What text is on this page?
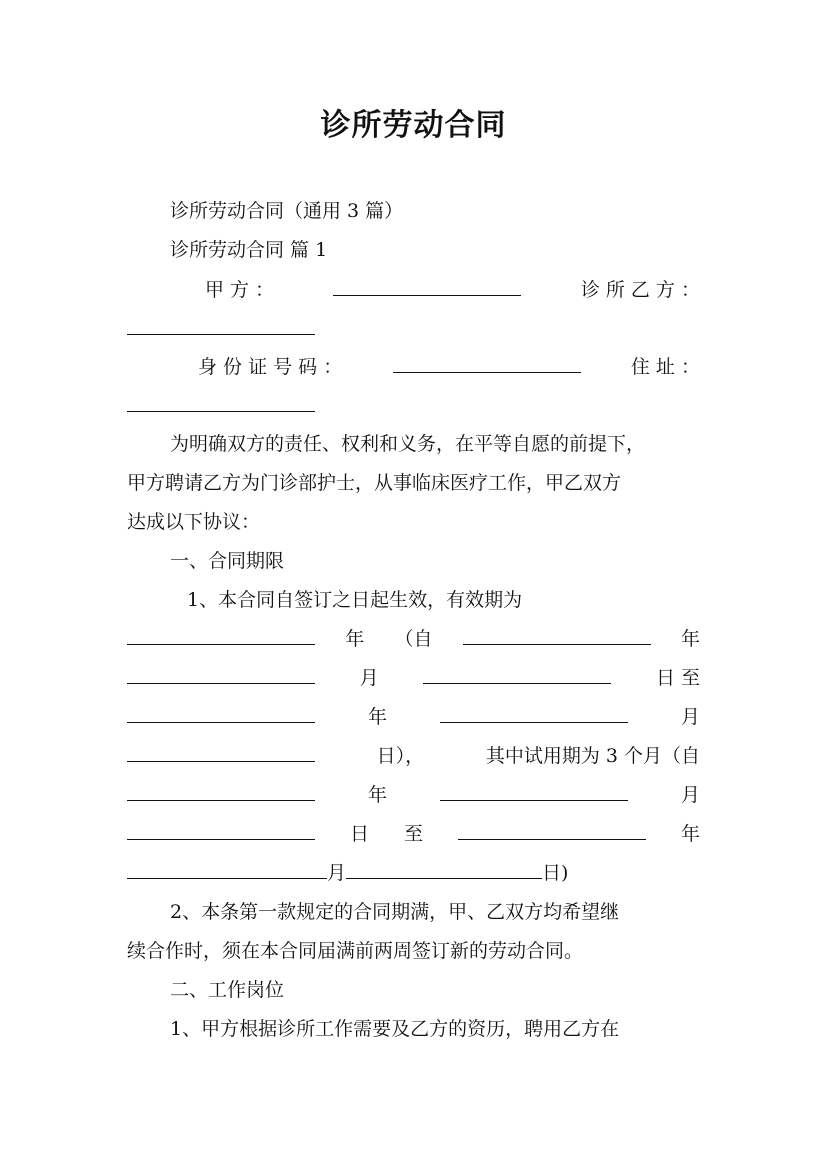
诊所劳动合同
诊所劳动合同（通用 3 篇）
诊所劳动合同 篇 1
甲 方 ：	诊 所 乙 方 ：
身 份 证 号 码 ：	住 址 ：
为明确双方的责任、权利和义务，在平等自愿的前提下，
甲方聘请乙方为门诊部护士，从事临床医疗工作，甲乙双方
达成以下协议：
一、合同期限
1、本合同自签订之日起生效，有效期为
年 （自	年
月	日 至
年	月
日），	其中试用期为 3 个月（自
年	月
日 至	年
月	日)
2、本条第一款规定的合同期满，甲、乙双方均希望继
续合作时，须在本合同届满前两周签订新的劳动合同。
二、工作岗位
1、甲方根据诊所工作需要及乙方的资历，聘用乙方在
